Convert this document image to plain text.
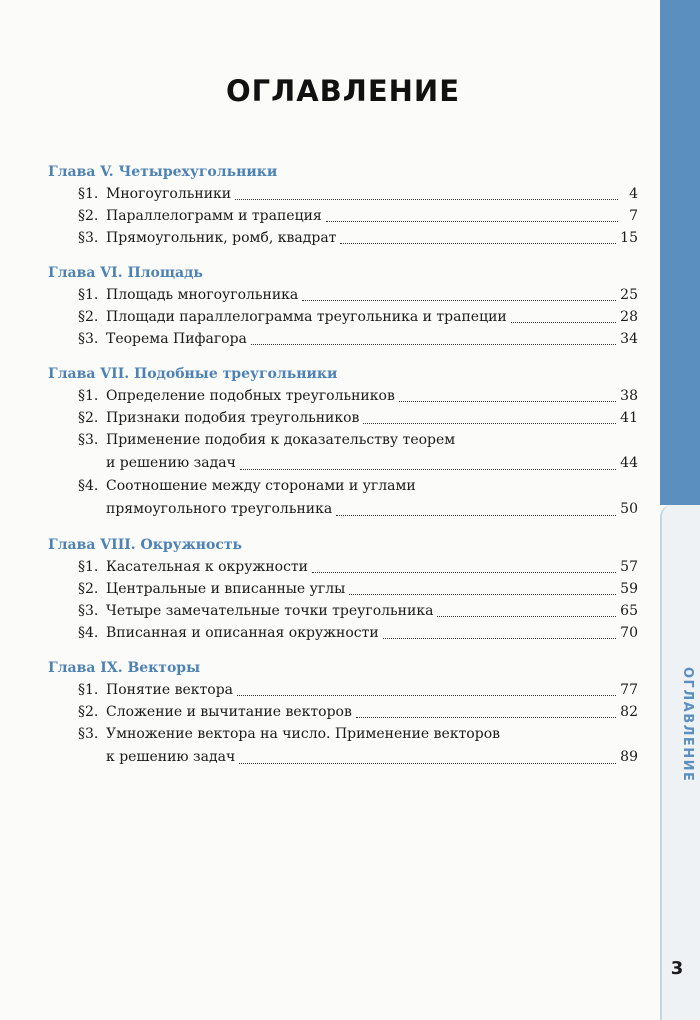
ОГЛАВЛЕНИЕ
3
ОГЛАВЛЕНИЕ
Глава V. Четырехугольники
§1. Многоугольники	4
§2. Параллелограмм и трапеция	7
§3. Прямоугольник, ромб, квадрат	15
Глава VI. Площадь
§1. Площадь многоугольника	25
§2. Площади параллелограмма треугольника и трапеции	28
§3. Теорема Пифагора	34
Глава VII. Подобные треугольники
§1. Определение подобных треугольников	38
§2. Признаки подобия треугольников	41
§3. Применение подобия к доказательству теорем
и решению задач	44
§4. Соотношение между сторонами и углами
прямоугольного треугольника	50
Глава VIII. Окружность
§1. Касательная к окружности	57
§2. Центральные и вписанные углы	59
§3. Четыре замечательные точки треугольника	65
§4. Вписанная и описанная окружности	70
Глава IX. Векторы
§1. Понятие вектора	77
§2. Сложение и вычитание векторов	82
§3. Умножение вектора на число. Применение векторов
к решению задач	89
